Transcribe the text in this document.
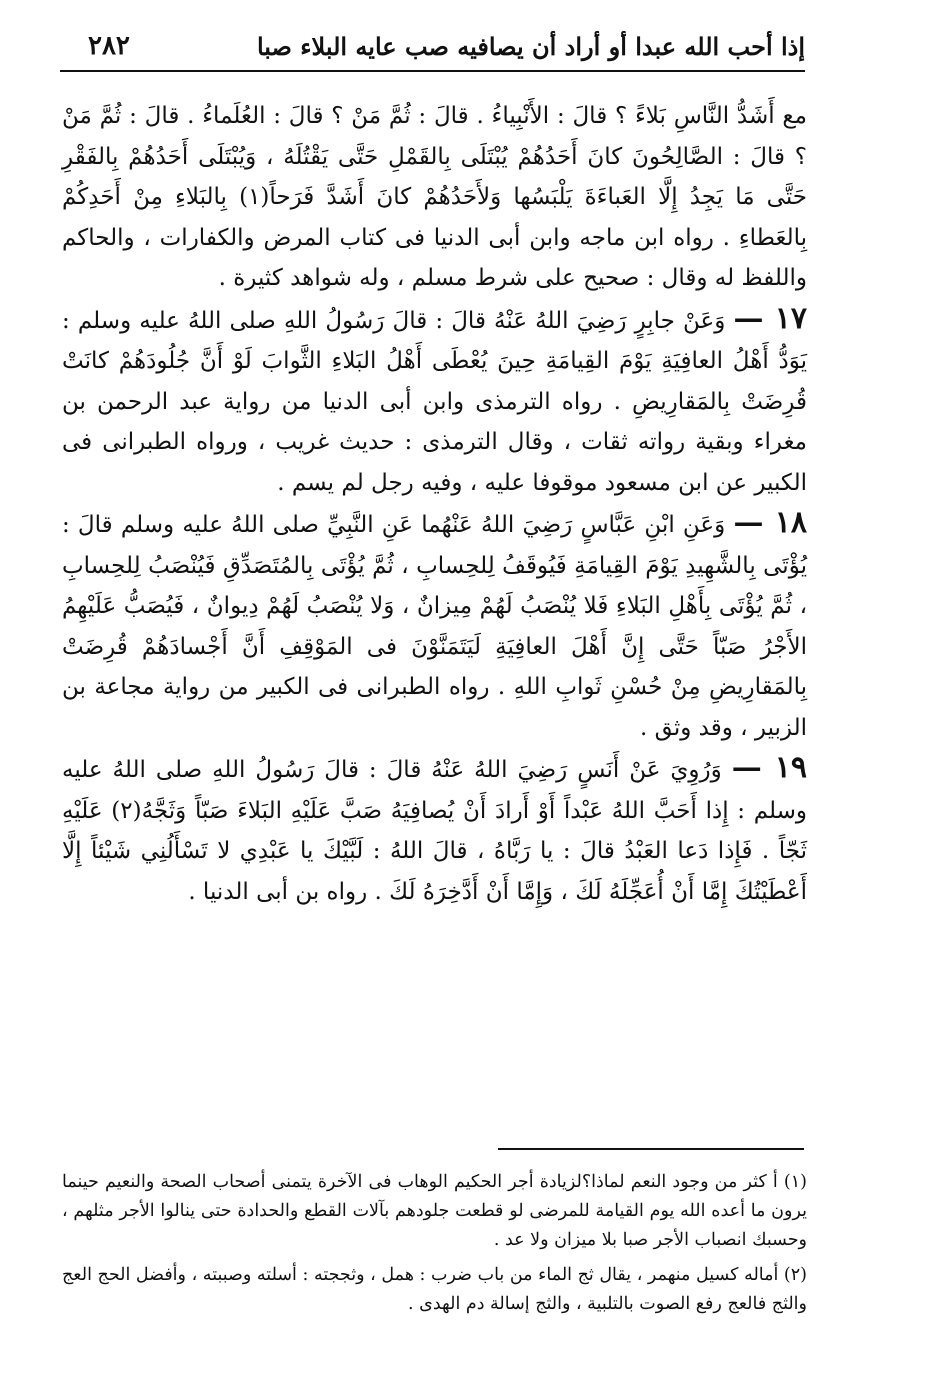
إذا أحب الله عبدا أو أراد أن يصافيه صب عايه البلاء صبا
٢٨٢

مع أَشَدُّ النَّاسِ بَلاءً ؟ قالَ : الأَنْبِياءُ . قالَ : ثُمَّ مَنْ ؟ قالَ : العُلَماءُ . قالَ : ثُمَّ مَنْ ؟ قالَ : الصَّالِحُونَ كانَ أَحَدُهُمْ يُبْتَلَى بِالقَمْلِ حَتَّى يَقْتُلَهُ ، وَيُبْتَلَى أَحَدُهُمْ بِالفَقْرِ حَتَّى مَا يَجِدُ إِلَّا العَباءَةَ يَلْبَسُها وَلأَحَدُهُمْ كانَ أَشَدَّ فَرَحاً(١) بِالبَلاءِ مِنْ أَحَدِكُمْ بِالعَطاءِ . رواه ابن ماجه وابن أبى الدنيا فى كتاب المرض والكفارات ، والحاكم واللفظ له وقال : صحيح على شرط مسلم ، وله شواهد كثيرة .

١٧ — وَعَنْ جابِرٍ رَضِيَ اللهُ عَنْهُ قالَ : قالَ رَسُولُ اللهِ صلى اللهُ عليه وسلم : يَوَدُّ أَهْلُ العافِيَةِ يَوْمَ القِيامَةِ حِينَ يُعْطَى أَهْلُ البَلاءِ الثَّوابَ لَوْ أَنَّ جُلُودَهُمْ كانَتْ قُرِضَتْ بِالمَقارِيضِ . رواه الترمذى وابن أبى الدنيا من رواية عبد الرحمن بن مغراء وبقية رواته ثقات ، وقال الترمذى : حديث غريب ، ورواه الطبرانى فى الكبير عن ابن مسعود موقوفا عليه ، وفيه رجل لم يسم .

١٨ — وَعَنِ ابْنِ عَبَّاسٍ رَضِيَ اللهُ عَنْهُما عَنِ النَّبِيِّ صلى اللهُ عليه وسلم قالَ : يُؤْتَى بِالشَّهِيدِ يَوْمَ القِيامَةِ فَيُوقَفُ لِلحِسابِ ، ثُمَّ يُؤْتَى بِالمُتَصَدِّقِ فَيُنْصَبُ لِلحِسابِ ، ثُمَّ يُؤْتَى بِأَهْلِ البَلاءِ فَلا يُنْصَبُ لَهُمْ مِيزانٌ ، وَلا يُنْصَبُ لَهُمْ دِيوانٌ ، فَيُصَبُّ عَلَيْهِمُ الأَجْرُ صَبّاً حَتَّى إِنَّ أَهْلَ العافِيَةِ لَيَتَمَنَّوْنَ فى المَوْقِفِ أَنَّ أَجْسادَهُمْ قُرِضَتْ بِالمَقارِيضِ مِنْ حُسْنِ ثَوابِ اللهِ . رواه الطبرانى فى الكبير من رواية مجاعة بن الزبير ، وقد وثق .

١٩ — وَرُوِيَ عَنْ أَنَسٍ رَضِيَ اللهُ عَنْهُ قالَ : قالَ رَسُولُ اللهِ صلى اللهُ عليه وسلم : إِذا أَحَبَّ اللهُ عَبْداً أَوْ أَرادَ أَنْ يُصافِيَهُ صَبَّ عَلَيْهِ البَلاءَ صَبّاً وَثَجَّهُ(٢) عَلَيْهِ ثَجّاً . فَإِذا دَعا العَبْدُ قالَ : يا رَبَّاهُ ، قالَ اللهُ : لَبَّيْكَ يا عَبْدِي لا تَسْأَلُنِي شَيْئاً إِلَّا أَعْطَيْتُكَ إِمَّا أَنْ أُعَجِّلَهُ لَكَ ، وَإِمَّا أَنْ أَدَّخِرَهُ لَكَ . رواه بن أبى الدنيا .

(١) أ كثر من وجود النعم لماذا؟لزيادة أجر الحكيم الوهاب فى الآخرة يتمنى أصحاب الصحة والنعيم حينما يرون ما أعده الله يوم القيامة للمرضى لو قطعت جلودهم بآلات القطع والحدادة حتى ينالوا الأجر مثلهم ، وحسبك انصباب الأجر صبا بلا ميزان ولا عد .

(٢) أماله كسيل منهمر ، يقال ثج الماء من باب ضرب : همل ، وثججته : أسلته وصببته ، وأفضل الحج العج والثج فالعج رفع الصوت بالتلبية ، والثج إسالة دم الهدى .
